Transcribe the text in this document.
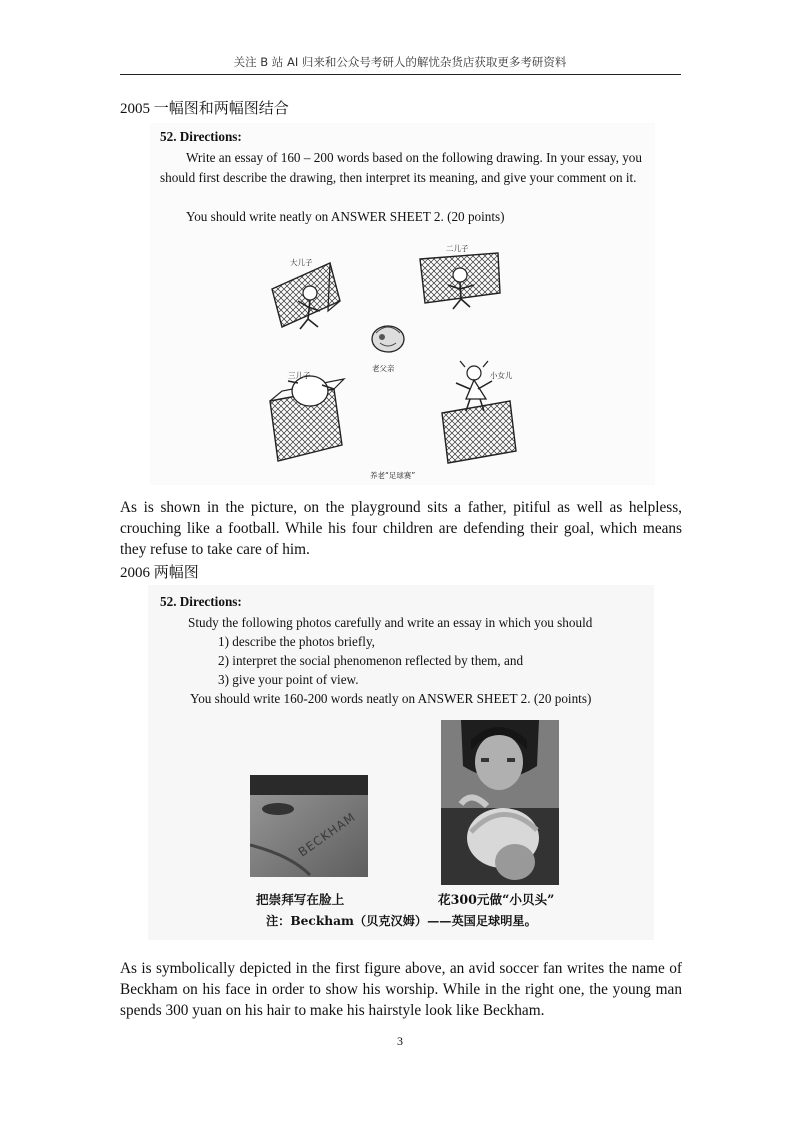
关注 B 站 AI 归来和公众号考研人的解忧杂货店获取更多考研资料
2005 一幅图和两幅图结合
52. Directions:
Write an essay of 160 – 200 words based on the following drawing. In your essay, you should first describe the drawing, then interpret its meaning, and give your comment on it.
You should write neatly on ANSWER SHEET 2. (20 points)
大儿子
二儿子
老父亲
三儿子	小女儿
养老“足球赛”
As is shown in the picture, on the playground sits a father, pitiful as well as helpless, crouching like a football. While his four children are defending their goal, which means they refuse to take care of him.
2006 两幅图
52. Directions:
Study the following photos carefully and write an essay in which you should
1) describe the photos briefly,
2) interpret the social phenomenon reflected by them, and
3) give your point of view.
You should write 160-200 words neatly on ANSWER SHEET 2. (20 points)
BECKHAM
把崇拜写在脸上	花300元做“小贝头”
注：Beckham（贝克汉姆）——英国足球明星。
As is symbolically depicted in the first figure above, an avid soccer fan writes the name of Beckham on his face in order to show his worship. While in the right one, the young man spends 300 yuan on his hair to make his hairstyle look like Beckham.
3
